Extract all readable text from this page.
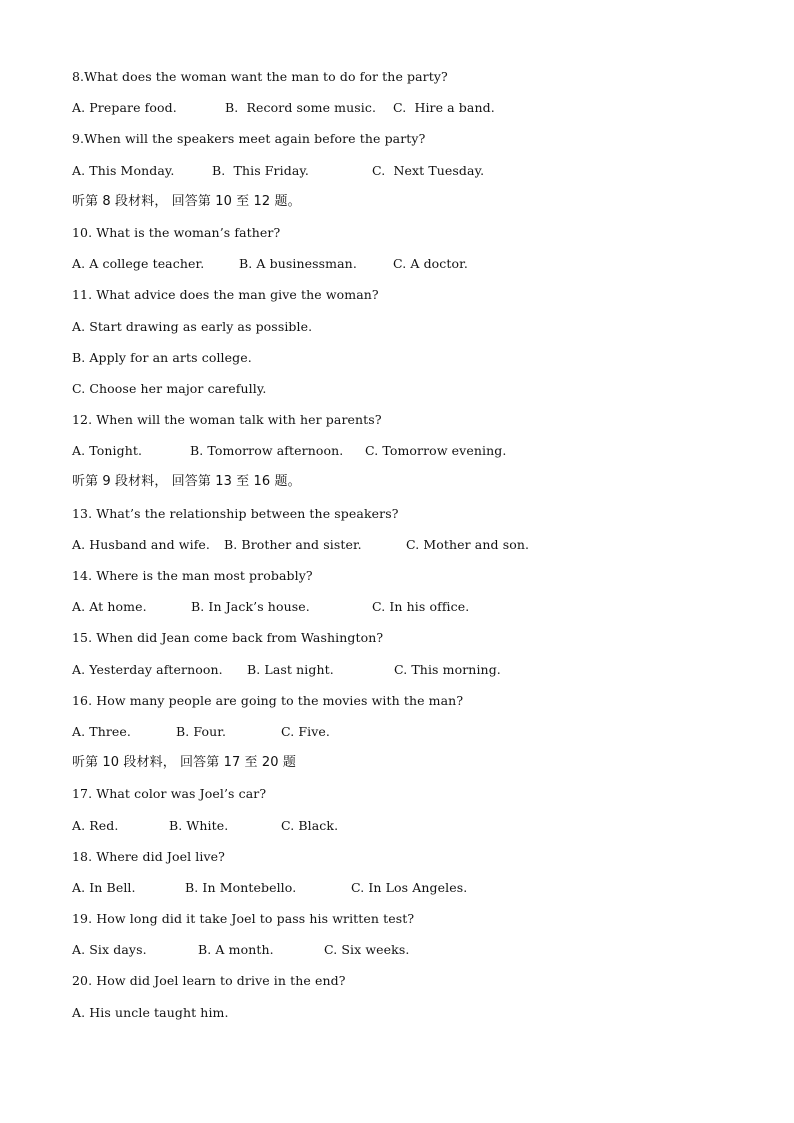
8.What does the woman want the man to do for the party?
A. Prepare food.	B.  Record some music. C.  Hire a band.
9.When will the speakers meet again before the party?
A. This Monday.	B.  This Friday.	C.  Next Tuesday.
听第 8 段材料， 回答第 10 至 12 题。
10. What is the woman’s father?
A. A college teacher.	B. A businessman.	C. A doctor.
11. What advice does the man give the woman?
A. Start drawing as early as possible.
B. Apply for an arts college.
C. Choose her major carefully.
12. When will the woman talk with her parents?
A. Tonight.	B. Tomorrow afternoon. C. Tomorrow evening.
听第 9 段材料， 回答第 13 至 16 题。
13. What’s the relationship between the speakers?
A. Husband and wife. B. Brother and sister.	C. Mother and son.
14. Where is the man most probably?
A. At home.	B. In Jack’s house.	C. In his office.
15. When did Jean come back from Washington?
A. Yesterday afternoon. B. Last night.	C. This morning.
16. How many people are going to the movies with the man?
A. Three.	B. Four.	C. Five.
听第 10 段材料， 回答第 17 至 20 题
17. What color was Joel’s car?
A. Red.	B. White.	C. Black.
18. Where did Joel live?
A. In Bell.	B. In Montebello.	C. In Los Angeles.
19. How long did it take Joel to pass his written test?
A. Six days.	B. A month.	C. Six weeks.
20. How did Joel learn to drive in the end?
A. His uncle taught him.
